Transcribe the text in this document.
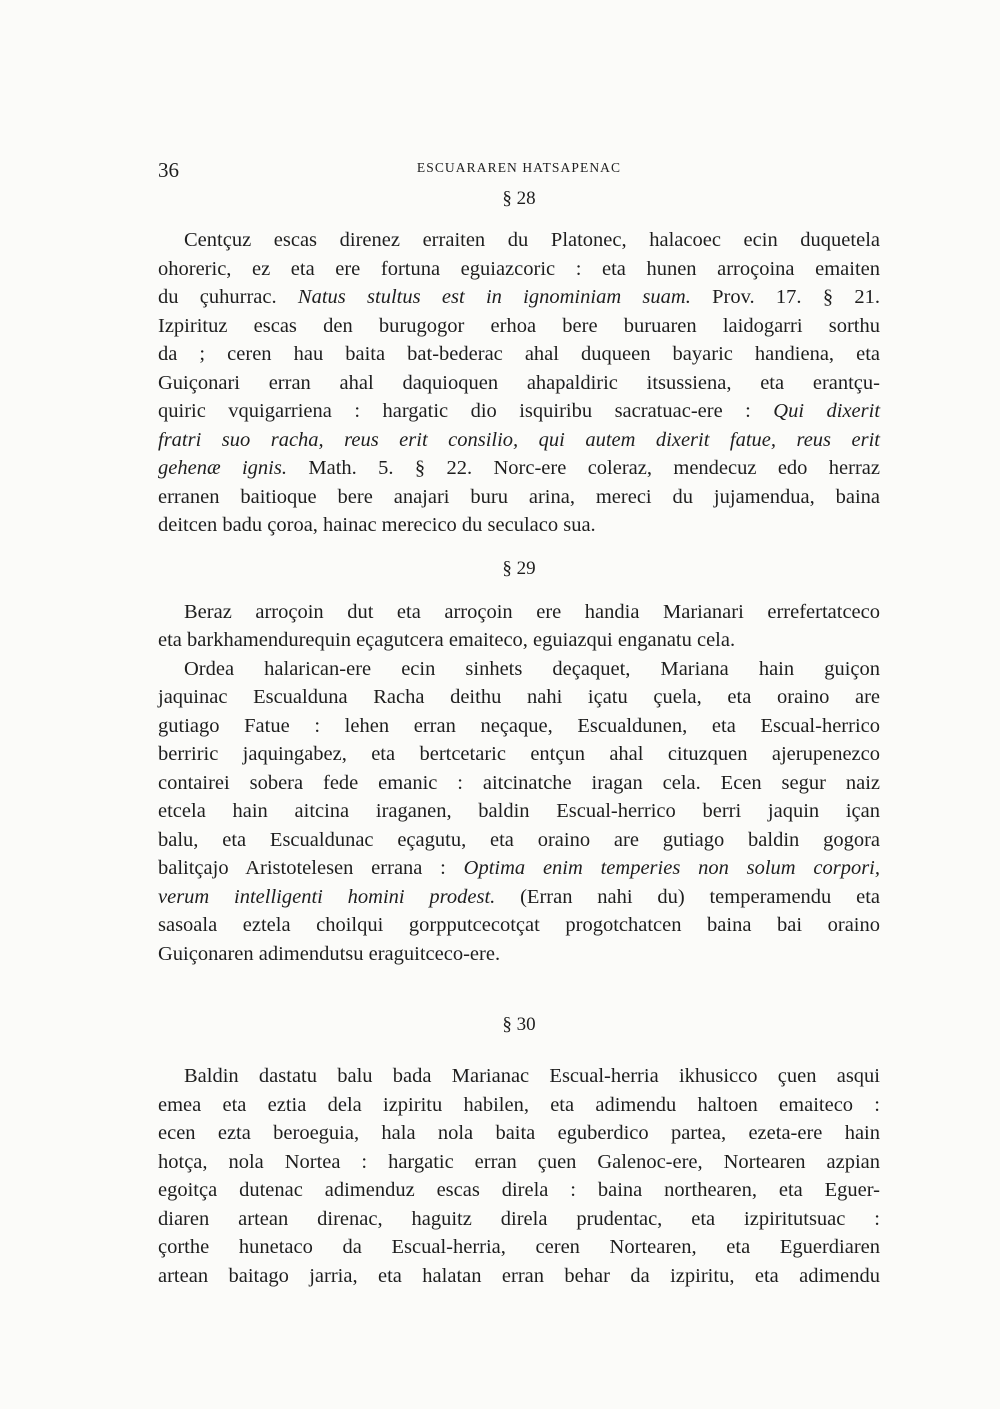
36	ESCUARAREN HATSAPENAC
§ 28
Centçuz escas direnez erraiten du Platonec, halacoec ecin duquetela
ohoreric, ez eta ere fortuna eguiazcoric : eta hunen arroçoina emaiten
du çuhurrac. Natus stultus est in ignominiam suam. Prov. 17. § 21.
Izpirituz escas den burugogor erhoa bere buruaren laidogarri sorthu
da ; ceren hau baita bat-bederac ahal duqueen bayaric handiena, eta
Guiçonari erran ahal daquioquen ahapaldiric itsussiena, eta erantçu-
quiric vquigarriena : hargatic dio isquiribu sacratuac-ere : Qui dixerit
fratri suo racha, reus erit consilio, qui autem dixerit fatue, reus erit
gehenæ ignis. Math. 5. § 22. Norc-ere coleraz, mendecuz edo herraz
erranen baitioque bere anajari buru arina, mereci du jujamendua, baina
deitcen badu çoroa, hainac merecico du seculaco sua.
§ 29
Beraz arroçoin dut eta arroçoin ere handia Marianari errefertatceco
eta barkhamendurequin eçagutcera emaiteco, eguiazqui enganatu cela.
Ordea halarican-ere ecin sinhets deçaquet, Mariana hain guiçon
jaquinac Escualduna Racha deithu nahi içatu çuela, eta oraino are
gutiago Fatue : lehen erran neçaque, Escualdunen, eta Escual-herrico
berriric jaquingabez, eta bertcetaric entçun ahal cituzquen ajerupenezco
contairei sobera fede emanic : aitcinatche iragan cela. Ecen segur naiz
etcela hain aitcina iraganen, baldin Escual-herrico berri jaquin içan
balu, eta Escualdunac eçagutu, eta oraino are gutiago baldin gogora
balitçajo Aristotelesen errana : Optima enim temperies non solum corpori,
verum intelligenti homini prodest. (Erran nahi du) temperamendu eta
sasoala eztela choilqui gorpputcecotçat progotchatcen baina bai oraino
Guiçonaren adimendutsu eraguitceco-ere.
§ 30
Baldin dastatu balu bada Marianac Escual-herria ikhusicco çuen asqui
emea eta eztia dela izpiritu habilen, eta adimendu haltoen emaiteco :
ecen ezta beroeguia, hala nola baita eguberdico partea, ezeta-ere hain
hotça, nola Nortea : hargatic erran çuen Galenoc-ere, Nortearen azpian
egoitça dutenac adimenduz escas direla : baina northearen, eta Eguer-
diaren artean direnac, haguitz direla prudentac, eta izpiritutsuac :
çorthe hunetaco da Escual-herria, ceren Nortearen, eta Eguerdiaren
artean baitago jarria, eta halatan erran behar da izpiritu, eta adimendu
